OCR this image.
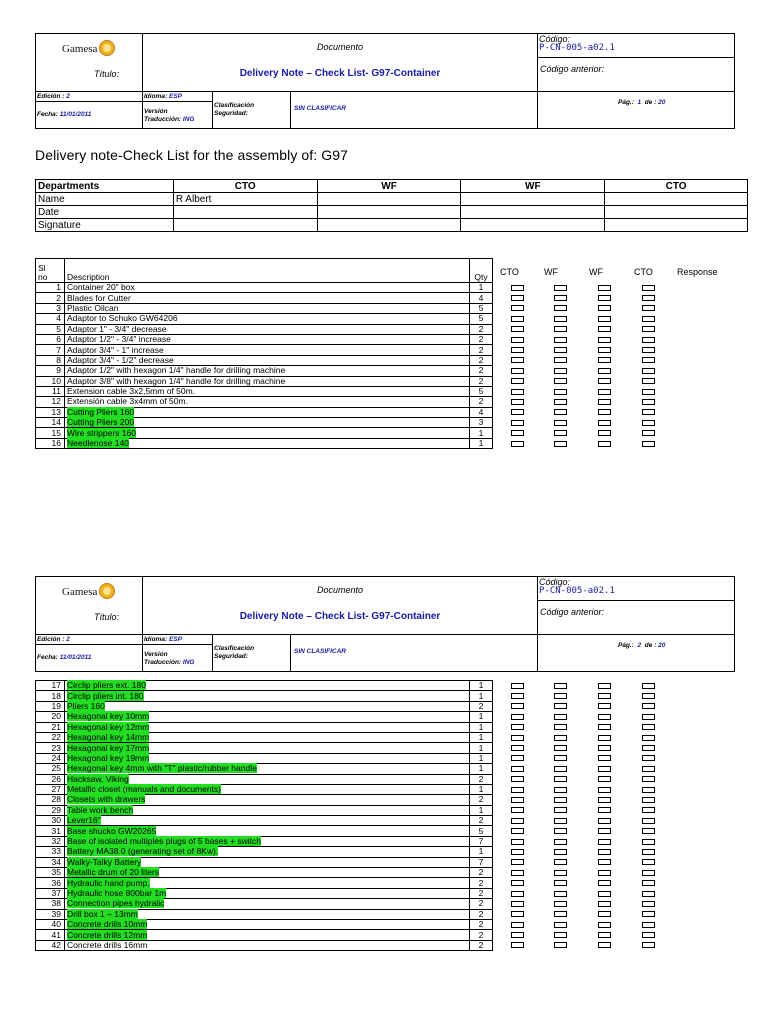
Gamesa
Título:
Documento
Delivery Note – Check List- G97-Container
Código:
P-CN-005-a02.1
Código anterior:
Edición : 2	Idioma: ESP
Fecha: 11/01/2011	Versión
Traducción: ING
Clasificación
Seguridad:
SIN CLASIFICAR
Pág.: 1 de : 20
Delivery note-Check List for the assembly of: G97
Departments	CTO	WF	WF	CTO
Name	R Albert			
Date				
Signature				
Sl
no	Description	Qty
1	Container 20" box	1
2	Blades for Cutter	4
3	Plastic Oilcan	5
4	Adaptor to Schuko GW64206	5
5	Adaptor 1" - 3/4" decrease	2
6	Adaptor 1/2" - 3/4" increase	2
7	Adaptor 3/4" - 1" increase	2
8	Adaptor 3/4" - 1/2" decrease	2
9	Adaptor 1/2" with hexagon 1/4" handle for drilling machine	2
10	Adaptor 3/8" with hexagon 1/4" handle for drilling machine	2
11	Extension cable 3x2,5mm of 50m.	5
12	Extensión cable 3x4mm of 50m.	2
13	Cutting Pliers 160	4
14	Cutting Pliers 200	3
15	Wire strippers 160	1
16	Needlenose 140	1
CTO	WF	WF	CTO	Response
Gamesa
Título:
Documento
Delivery Note – Check List- G97-Container
Código:
P-CN-005-a02.1
Código anterior:
Edición : 2	Idioma: ESP
Fecha: 11/01/2011	Versión
Traducción: ING
Clasificación
Seguridad:
SIN CLASIFICAR
Pág.: 2 de : 20
17	Circlip pliers ext. 180	1
18	Circlip pliers int. 180	1
19	Pliers 160	2
20	Hexagonal key 10mm	1
21	Hexagonal key 12mm	1
22	Hexagonal key 14mm	1
23	Hexagonal key 17mm	1
24	Hexagonal key 19mm	1
25	Hexagonal key 4mm with "T" plastic/rubber handle	1
26	Hacksaw, Viking	2
27	Metallic closet (manuals and documents)	1
28	Closets with drawers	2
29	Table work bench	1
30	Lever16"	2
31	Base shucko GW20265	5
32	Base of isolated multiples plugs of 5 bases + switch	7
33	Battery MA38.0 (generating set of 8Kw).	1
34	Walky-Talky Battery	7
35	Metallic drum of 20 liters	2
36	Hydraulic hand pump.	2
37	Hydraulic hose 800bar 1m	2
38	Connection pipes hydralic	2
39	Drill box 1 – 13mm	2
40	Concrete drills 10mm	2
41	Concrete drills 12mm	2
42	Concrete drills 16mm	2
